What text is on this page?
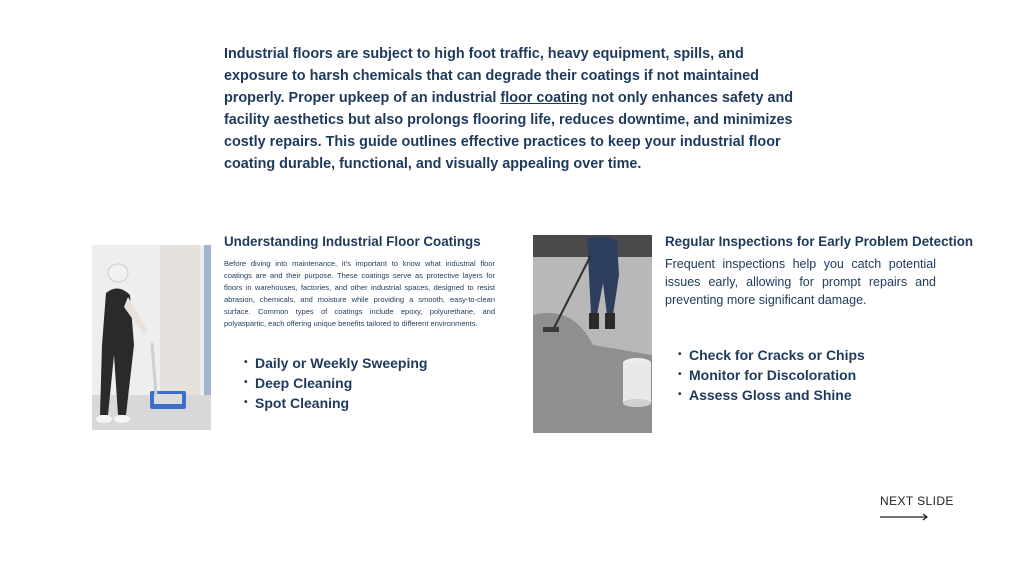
Industrial floors are subject to high foot traffic, heavy equipment, spills, and exposure to harsh chemicals that can degrade their coatings if not maintained properly. Proper upkeep of an industrial floor coating not only enhances safety and facility aesthetics but also prolongs flooring life, reduces downtime, and minimizes costly repairs. This guide outlines effective practices to keep your industrial floor coating durable, functional, and visually appealing over time.

Understanding Industrial Floor Coatings

Before diving into maintenance, it’s important to know what industrial floor coatings are and their purpose. These coatings serve as protective layers for floors in warehouses, factories, and other industrial spaces, designed to resist abrasion, chemicals, and moisture while providing a smooth, easy-to-clean surface. Common types of coatings include epoxy, polyurethane, and polyaspartic, each offering unique benefits tailored to different environments.

• Daily or Weekly Sweeping
• Deep Cleaning
• Spot Cleaning
Regular Inspections for Early Problem Detection

Frequent inspections help you catch potential issues early, allowing for prompt repairs and preventing more significant damage.

• Check for Cracks or Chips
• Monitor for Discoloration
• Assess Gloss and Shine
NEXT SLIDE
